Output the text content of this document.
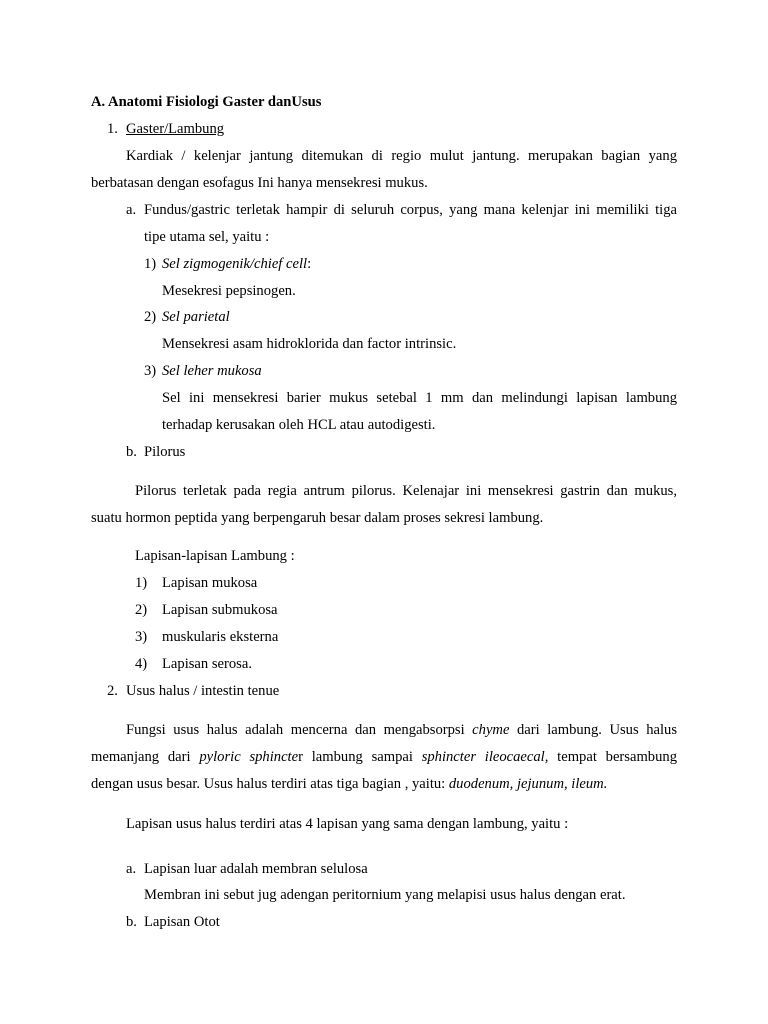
A. Anatomi Fisiologi Gaster danUsus
1. Gaster/Lambung
Kardiak / kelenjar jantung ditemukan di regio mulut jantung. merupakan bagian yang
berbatasan dengan esofagus Ini hanya mensekresi mukus.
a. Fundus/gastric terletak hampir di seluruh corpus, yang mana kelenjar ini memiliki tiga
tipe utama sel, yaitu :
1) Sel zigmogenik/chief cell:
Mesekresi pepsinogen.
2) Sel parietal
Mensekresi asam hidroklorida dan factor intrinsic.
3) Sel leher mukosa
Sel ini mensekresi barier mukus setebal 1 mm dan melindungi lapisan lambung
terhadap kerusakan oleh HCL atau autodigesti.
b. Pilorus
Pilorus terletak pada regia antrum pilorus. Kelenajar ini mensekresi gastrin dan mukus,
suatu hormon peptida yang berpengaruh besar dalam proses sekresi lambung.
Lapisan-lapisan Lambung :
1) Lapisan mukosa
2) Lapisan submukosa
3) muskularis eksterna
4) Lapisan serosa.
2. Usus halus / intestin tenue
Fungsi usus halus adalah mencerna dan mengabsorpsi chyme dari lambung. Usus halus
memanjang dari pyloric sphincter lambung sampai sphincter ileocaecal, tempat bersambung
dengan usus besar. Usus halus terdiri atas tiga bagian , yaitu: duodenum, jejunum, ileum.
Lapisan usus halus terdiri atas 4 lapisan yang sama dengan lambung, yaitu :
a. Lapisan luar adalah membran selulosa
Membran ini sebut jug adengan peritornium yang melapisi usus halus dengan erat.
b. Lapisan Otot
